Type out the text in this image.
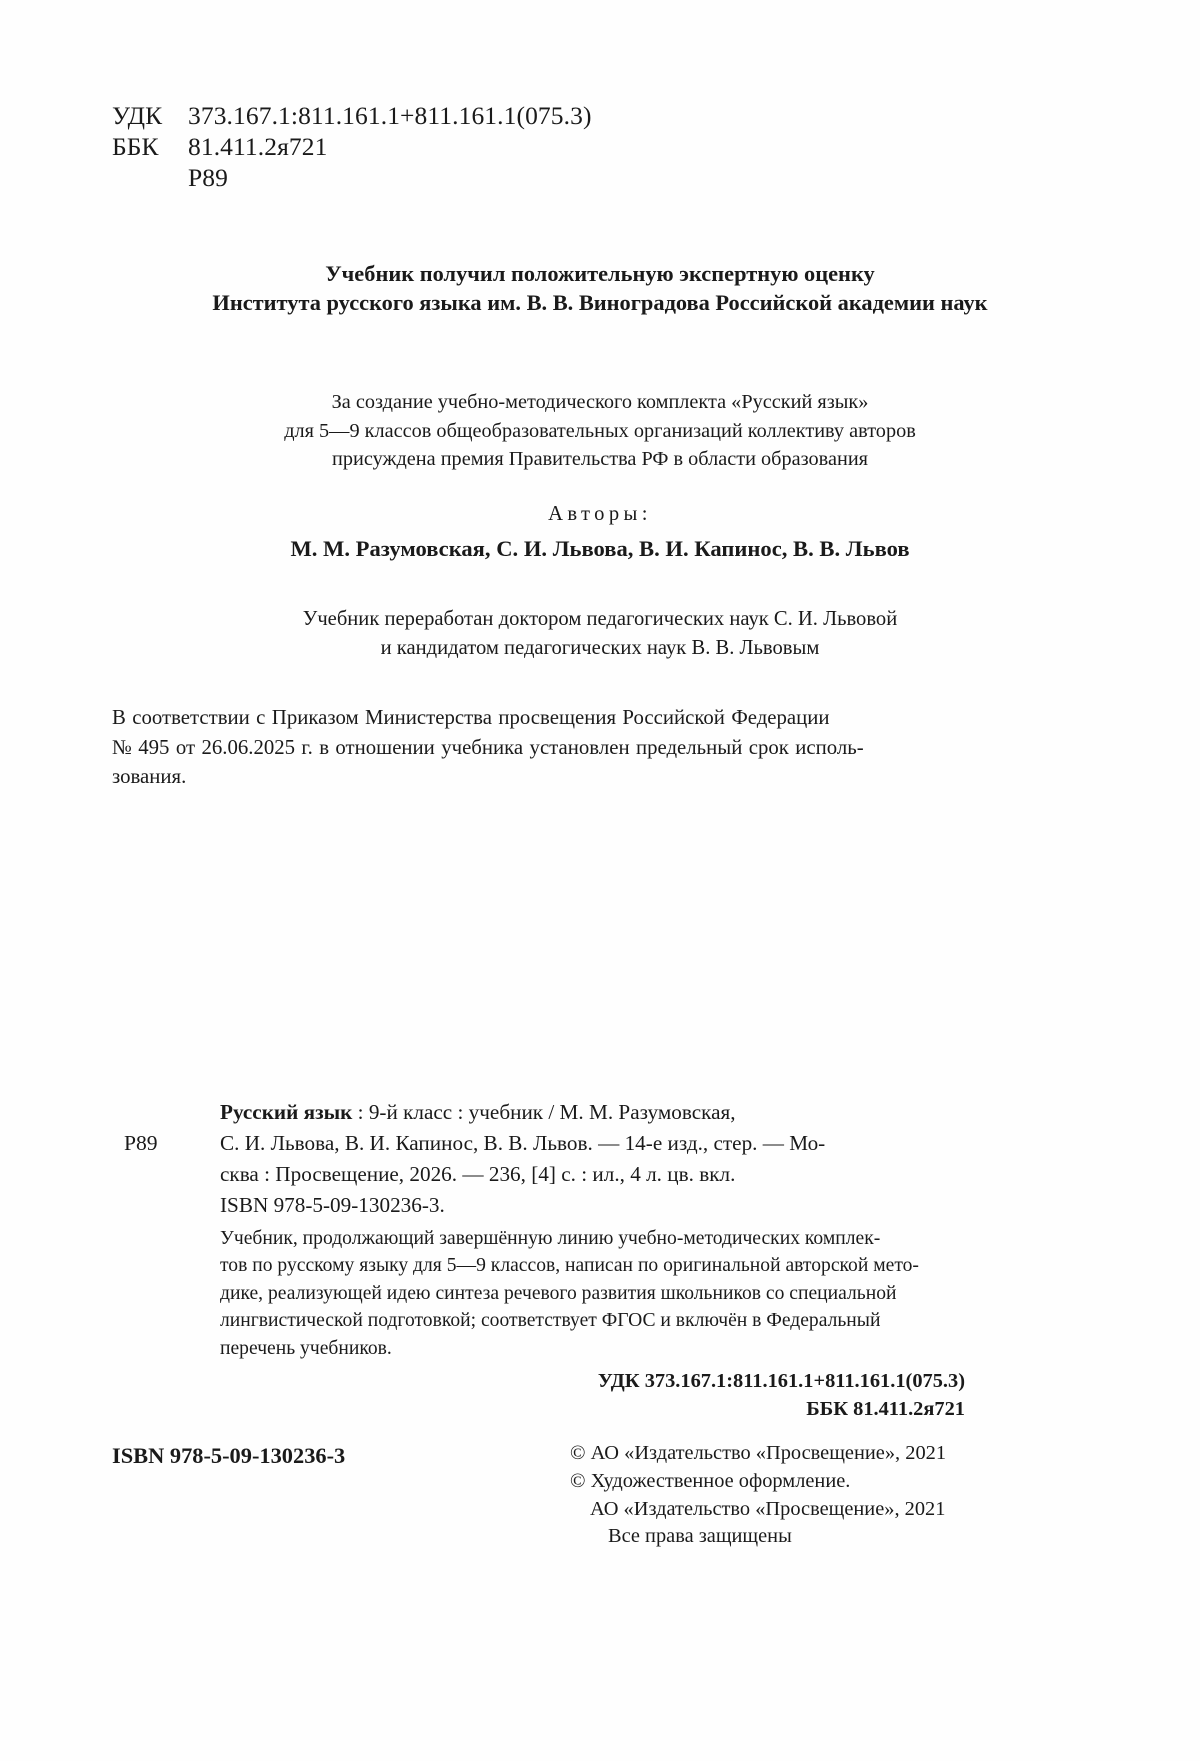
УДК	373.167.1:811.161.1+811.161.1(075.3)
ББК	81.411.2я721
Р89
Учебник получил положительную экспертную оценку
Института русского языка им. В. В. Виноградова Российской академии наук
За создание учебно-методического комплекта «Русский язык»
для 5—9 классов общеобразовательных организаций коллективу авторов
присуждена премия Правительства РФ в области образования
Авторы:
М. М. Разумовская, С. И. Львова, В. И. Капинос, В. В. Львов
Учебник переработан доктором педагогических наук С. И. Львовой
и кандидатом педагогических наук В. В. Львовым
В соответствии с Приказом Министерства просвещения Российской Федерации
№ 495 от 26.06.2025 г. в отношении учебника установлен предельный срок исполь-
зования.
Р89
Русский язык : 9-й класс : учебник / М. М. Разумовская,
С. И. Львова, В. И. Капинос, В. В. Львов. — 14-е изд., стер. — Мо-
сква : Просвещение, 2026. — 236, [4] с. : ил., 4 л. цв. вкл.
ISBN 978-5-09-130236-3.
Учебник, продолжающий завершённую линию учебно-методических комплек-
тов по русскому языку для 5—9 классов, написан по оригинальной авторской мето-
дике, реализующей идею синтеза речевого развития школьников со специальной
лингвистической подготовкой; соответствует ФГОС и включён в Федеральный
перечень учебников.
УДК 373.167.1:811.161.1+811.161.1(075.3)
ББК 81.411.2я721
ISBN 978-5-09-130236-3	© АО «Издательство «Просвещение», 2021
© Художественное оформление.
АО «Издательство «Просвещение», 2021
Все права защищены
